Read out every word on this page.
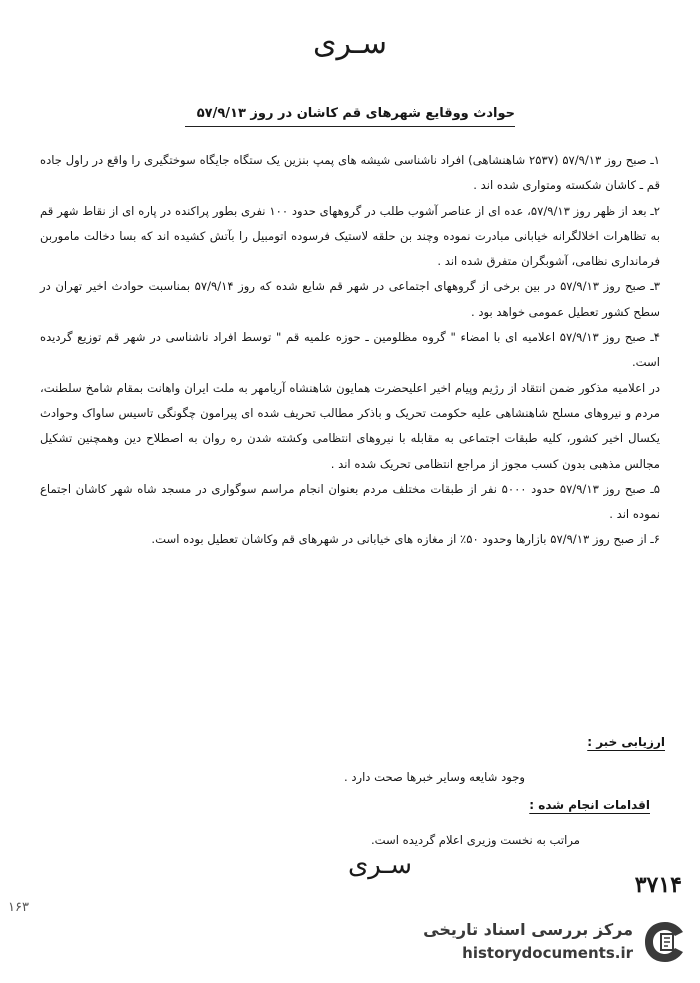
سـرى
حوادث ووقایع شهرهای قم کاشان در روز ۵۷/۹/۱۳

۱ـ صبح روز ۵۷/۹/۱۳ (۲۵۳۷ شاهنشاهی) افراد ناشناسی شیشه های پمپ بنزین یک ستگاه جایگاه سوختگیری را واقع در راول جاده قم ـ کاشان شکسته ومتواری شده اند .

۲ـ بعد از ظهر روز ۵۷/۹/۱۳، عده ای از عناصر آشوب طلب در گروههای حدود ۱۰۰ نفری بطور پراکنده در پاره ای از نقاط شهر قم به تظاهرات اخلالگرانه خیابانی مبادرت نموده وچند بن حلقه لاستیک فرسوده اتومبیل را بآتش کشیده اند که بسا دخالت ماموربن فرمانداری نظامی، آشوبگران متفرق شده اند .

۳ـ صبح روز ۵۷/۹/۱۳ در بین برخی از گروههای اجتماعی در شهر قم شایع شده که روز ۵۷/۹/۱۴ بمناسبت حوادث اخیر تهران در سطح کشور تعطیل عمومی خواهد بود .

۴ـ صبح روز ۵۷/۹/۱۳ اعلامیه ای با امضاء " گروه مظلومین ـ حوزه علمیه قم " توسط افراد ناشناسی در شهر قم توزیع گردیده است.

در اعلامیه مذکور ضمن انتقاد از رژیم وپیام اخیر اعلیحضرت همایون شاهنشاه آریامهر به ملت ایران واهانت بمقام شامخ سلطنت، مردم و نیروهای مسلح شاهنشاهی علیه حکومت تحریک و باذکر مطالب تحریف شده ای پیرامون چگونگی تاسیس ساواک وحوادث یکسال اخیر کشور، کلیه طبقات اجتماعی به مقابله با نیروهای انتظامی وکشته شدن ره روان به اصطلاح دین وهمچنین تشکیل مجالس مذهبی بدون کسب مجوز از مراجع انتظامی تحریک شده اند .

۵ـ صبح روز ۵۷/۹/۱۳ حدود ۵۰۰۰ نفر از طبقات مختلف مردم بعنوان انجام مراسم سوگواری در مسجد شاه شهر کاشان اجتماع نموده اند .

۶ـ از صبح روز ۵۷/۹/۱۳ بازارها وحدود ۵۰٪ از مغازه های خیابانی در شهرهای قم وکاشان تعطیل بوده است.

ارزیابی خبر :
وجود شایعه وسایر خبرها صحت دارد .
اقدامات انجام شده :
مراتب به نخست وزیری اعلام گردیده است.
سـرى
۳۷۱۴
۱۶۳
مرکز بررسی اسناد تاریخی
historydocuments.ir
